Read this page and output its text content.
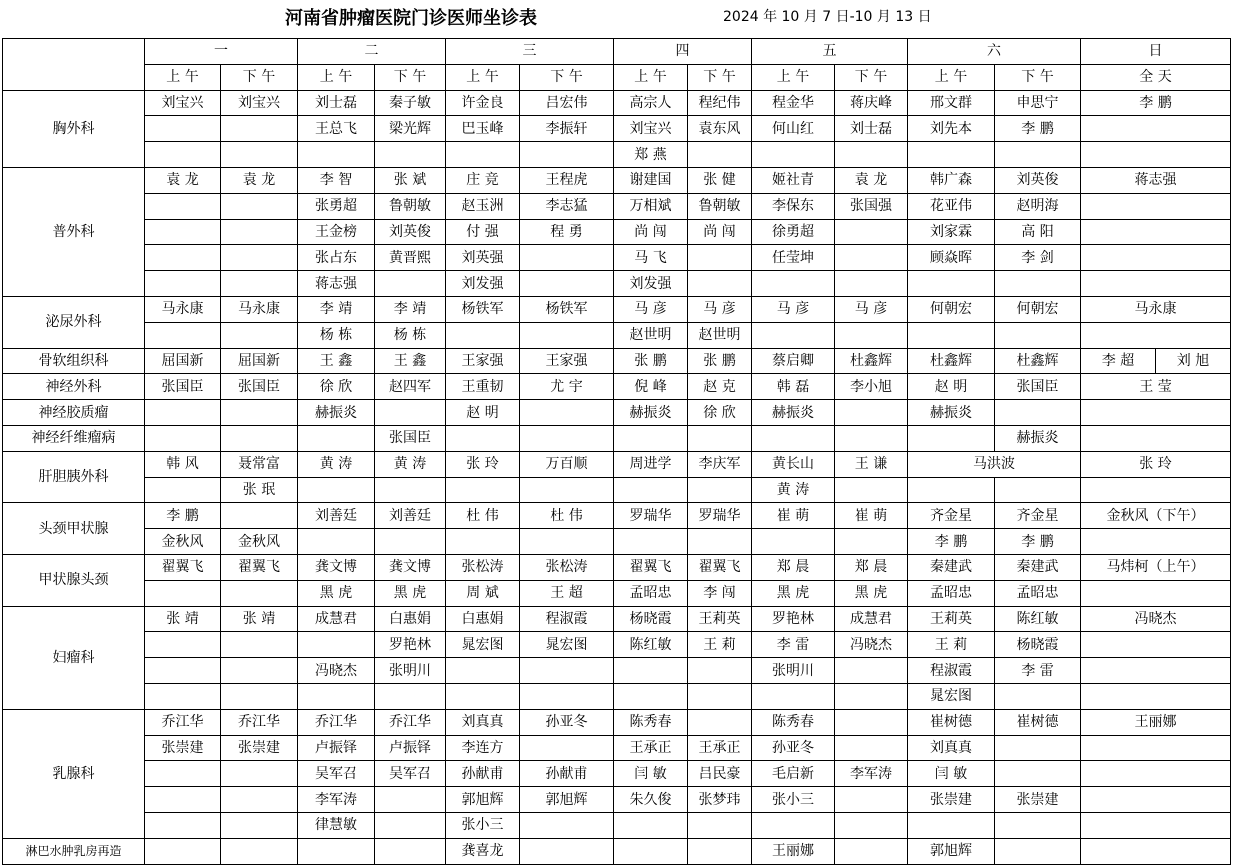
河南省肿瘤医院门诊医师坐诊表	2024 年 10 月 7 日-10 月 13 日
	一		二		三		四		五		六		日
	上 午	下 午	上 午	下 午	上 午	下 午	上 午	下 午	上 午	下 午	上 午	下 午	全 天
胸外科	刘宝兴	刘宝兴	刘士磊	秦子敏	许金良	吕宏伟	高宗人	程纪伟	程金华	蒋庆峰	邢文群	申思宁	李 鹏
			王总飞	梁光辉	巴玉峰	李振轩	刘宝兴	袁东风	何山红	刘士磊	刘先本	李 鹏	
							郑 燕						
普外科	袁 龙	袁 龙	李 智	张 斌	庄 竞	王程虎	谢建国	张 健	姬社青	袁 龙	韩广森	刘英俊	蒋志强
			张勇超	鲁朝敏	赵玉洲	李志猛	万相斌	鲁朝敏	李保东	张国强	花亚伟	赵明海	
			王金榜	刘英俊	付 强	程 勇	尚 闯	尚 闯	徐勇超		刘家霖	高 阳	
			张占东	黄晋熙	刘英强		马 飞		任莹坤		顾焱晖	李 剑	
			蒋志强		刘发强		刘发强						
泌尿外科	马永康	马永康	李 靖	李 靖	杨铁军	杨铁军	马 彦	马 彦	马 彦	马 彦	何朝宏	何朝宏	马永康
			杨 栋	杨 栋			赵世明	赵世明					
骨软组织科	屈国新	屈国新	王 鑫	王 鑫	王家强	王家强	张 鹏	张 鹏	蔡启卿	杜鑫辉	杜鑫辉	杜鑫辉	李 超 刘 旭

神经外科	张国臣	张国臣	徐 欣	赵四军	王重韧	尤 宇	倪 峰	赵 克	韩 磊	李小旭	赵 明	张国臣	王 莹
神经胶质瘤			赫振炎		赵 明		赫振炎	徐 欣	赫振炎		赫振炎		
神经纤维瘤病				张国臣								赫振炎	
肝胆胰外科	韩 风	聂常富	黄 涛	黄 涛	张 玲	万百顺	周进学	李庆军	黄长山	王 谦	马洪波		张 玲
		张 珉							黄 涛				
头颈甲状腺	李 鹏		刘善廷	刘善廷	杜 伟	杜 伟	罗瑞华	罗瑞华	崔 萌	崔 萌	齐金星	齐金星	金秋风（下午）
	金秋风	金秋风									李 鹏	李 鹏	
甲状腺头颈	翟翼飞	翟翼飞	龚文博	龚文博	张松涛	张松涛	翟翼飞	翟翼飞	郑 晨	郑 晨	秦建武	秦建武	马炜柯（上午）
			黑 虎	黑 虎	周 斌	王 超	孟昭忠	李 闯	黑 虎	黑 虎	孟昭忠	孟昭忠	
妇瘤科	张 靖	张 靖	成慧君	白惠娟	白惠娟	程淑霞	杨晓霞	王莉英	罗艳林	成慧君	王莉英	陈红敏	冯晓杰
				罗艳林	晁宏图	晁宏图	陈红敏	王 莉	李 雷	冯晓杰	王 莉	杨晓霞	
			冯晓杰	张明川					张明川		程淑霞	李 雷	
											晁宏图		
乳腺科	乔江华	乔江华	乔江华	乔江华	刘真真	孙亚冬	陈秀春		陈秀春		崔树德	崔树德	王丽娜
	张崇建	张崇建	卢振铎	卢振铎	李连方		王承正	王承正	孙亚冬		刘真真		
			吴军召	吴军召	孙献甫	孙献甫	闫 敏	吕民豪	毛启新	李军涛	闫 敏		
			李军涛		郭旭辉	郭旭辉	朱久俊	张梦玮	张小三		张崇建	张崇建	
			律慧敏		张小三								
淋巴水肿乳房再造					龚喜龙				王丽娜		郭旭辉		
